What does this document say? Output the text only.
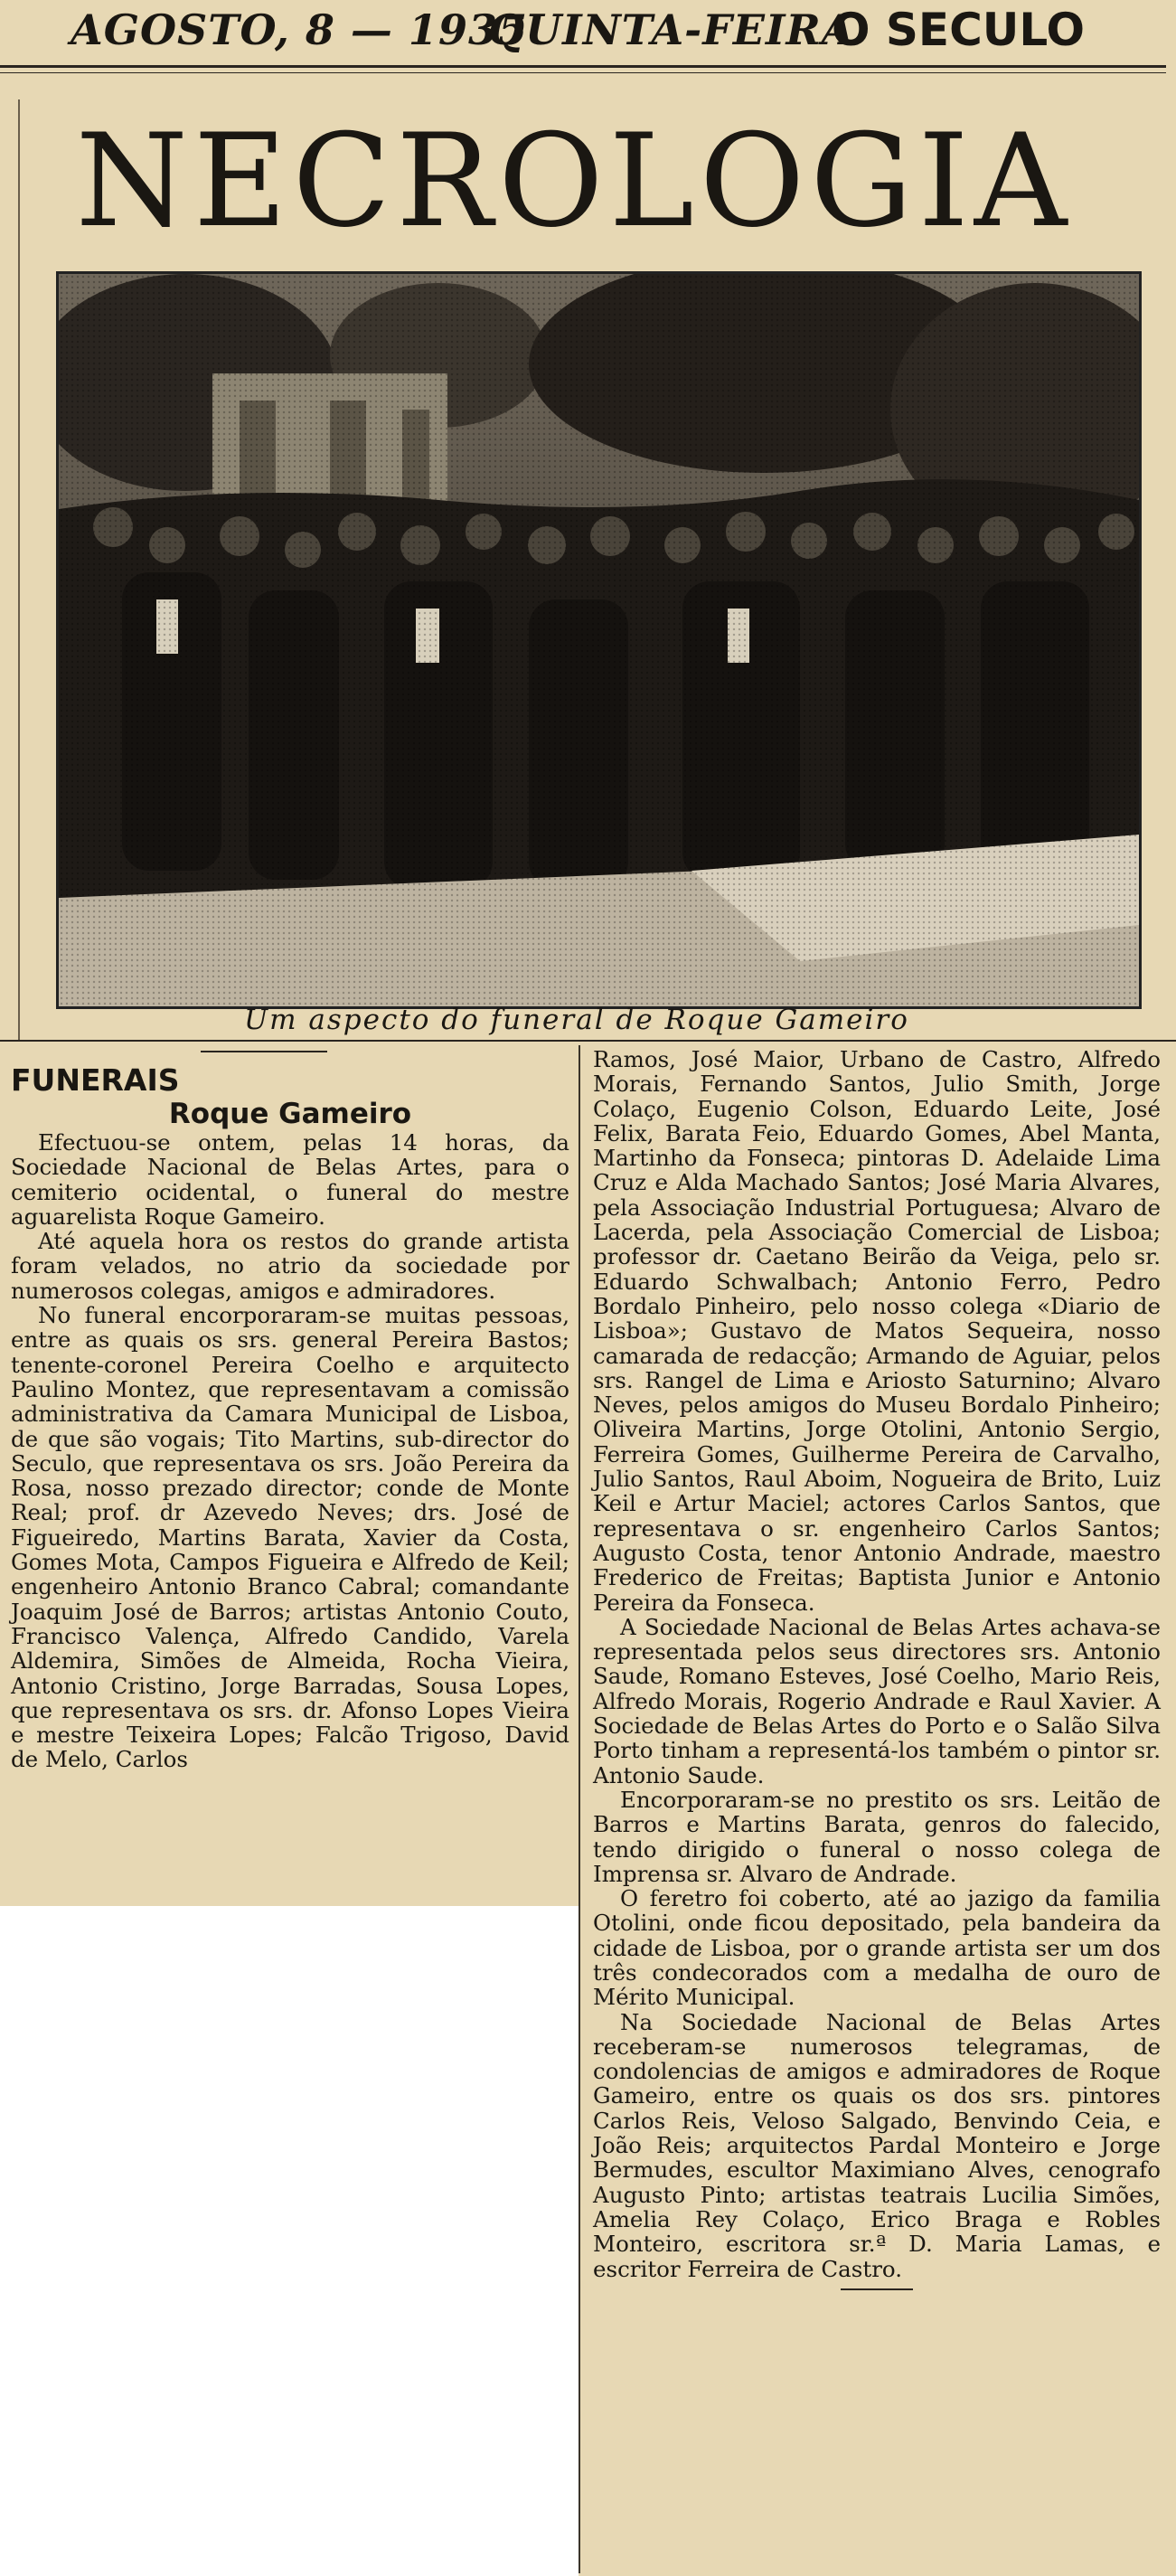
AGOSTO, 8 — 1935
QUINTA-FEIRA
O SECULO
NECROLOGIA
Um aspecto do funeral de Roque Gameiro
FUNERAIS
Roque Gameiro

Efectuou-se ontem, pelas 14 horas, da Sociedade Nacional de Belas Artes, para o cemiterio ocidental, o funeral do mestre aguarelista Roque Gameiro.

Até aquela hora os restos do grande artista foram velados, no atrio da sociedade por numerosos colegas, amigos e admiradores.

No funeral encorporaram-se muitas pessoas, entre as quais os srs. general Pereira Bastos; tenente-coronel Pereira Coelho e arquitecto Paulino Montez, que representavam a comissão administrativa da Camara Municipal de Lisboa, de que são vogais; Tito Martins, sub-director do Seculo, que representava os srs. João Pereira da Rosa, nosso prezado director; conde de Monte Real; prof. dr Azevedo Neves; drs. José de Figueiredo, Martins Barata, Xavier da Costa, Gomes Mota, Campos Figueira e Alfredo de Keil; engenheiro Antonio Branco Cabral; comandante Joaquim José de Barros; artistas Antonio Couto, Francisco Valença, Alfredo Candido, Varela Aldemira, Simões de Almeida, Rocha Vieira, Antonio Cristino, Jorge Barradas, Sousa Lopes, que representava os srs. dr. Afonso Lopes Vieira e mestre Teixeira Lopes; Falcão Trigoso, David de Melo, Carlos

Ramos, José Maior, Urbano de Castro, Alfredo Morais, Fernando Santos, Julio Smith, Jorge Colaço, Eugenio Colson, Eduardo Leite, José Felix, Barata Feio, Eduardo Gomes, Abel Manta, Martinho da Fonseca; pintoras D. Adelaide Lima Cruz e Alda Machado Santos; José Maria Alvares, pela Associação Industrial Portuguesa; Alvaro de Lacerda, pela Associação Comercial de Lisboa; professor dr. Caetano Beirão da Veiga, pelo sr. Eduardo Schwalbach; Antonio Ferro, Pedro Bordalo Pinheiro, pelo nosso colega «Diario de Lisboa»; Gustavo de Matos Sequeira, nosso camarada de redacção; Armando de Aguiar, pelos srs. Rangel de Lima e Ariosto Saturnino; Alvaro Neves, pelos amigos do Museu Bordalo Pinheiro; Oliveira Martins, Jorge Otolini, Antonio Sergio, Ferreira Gomes, Guilherme Pereira de Carvalho, Julio Santos, Raul Aboim, Nogueira de Brito, Luiz Keil e Artur Maciel; actores Carlos Santos, que representava o sr. engenheiro Carlos Santos; Augusto Costa, tenor Antonio Andrade, maestro Frederico de Freitas; Baptista Junior e Antonio Pereira da Fonseca.

A Sociedade Nacional de Belas Artes achava-se representada pelos seus directores srs. Antonio Saude, Romano Esteves, José Coelho, Mario Reis, Alfredo Morais, Rogerio Andrade e Raul Xavier. A Sociedade de Belas Artes do Porto e o Salão Silva Porto tinham a representá-los também o pintor sr. Antonio Saude.

Encorporaram-se no prestito os srs. Leitão de Barros e Martins Barata, genros do falecido, tendo dirigido o funeral o nosso colega de Imprensa sr. Alvaro de Andrade.

O feretro foi coberto, até ao jazigo da familia Otolini, onde ficou depositado, pela bandeira da cidade de Lisboa, por o grande artista ser um dos três condecorados com a medalha de ouro de Mérito Municipal.

Na Sociedade Nacional de Belas Artes receberam-se numerosos telegramas, de condolencias de amigos e admiradores de Roque Gameiro, entre os quais os dos srs. pintores Carlos Reis, Veloso Salgado, Benvindo Ceia, e João Reis; arquitectos Pardal Monteiro e Jorge Bermudes, escultor Maximiano Alves, cenografo Augusto Pinto; artistas teatrais Lucilia Simões, Amelia Rey Colaço, Erico Braga e Robles Monteiro, escritora sr.ª D. Maria Lamas, e escritor Ferreira de Castro.
